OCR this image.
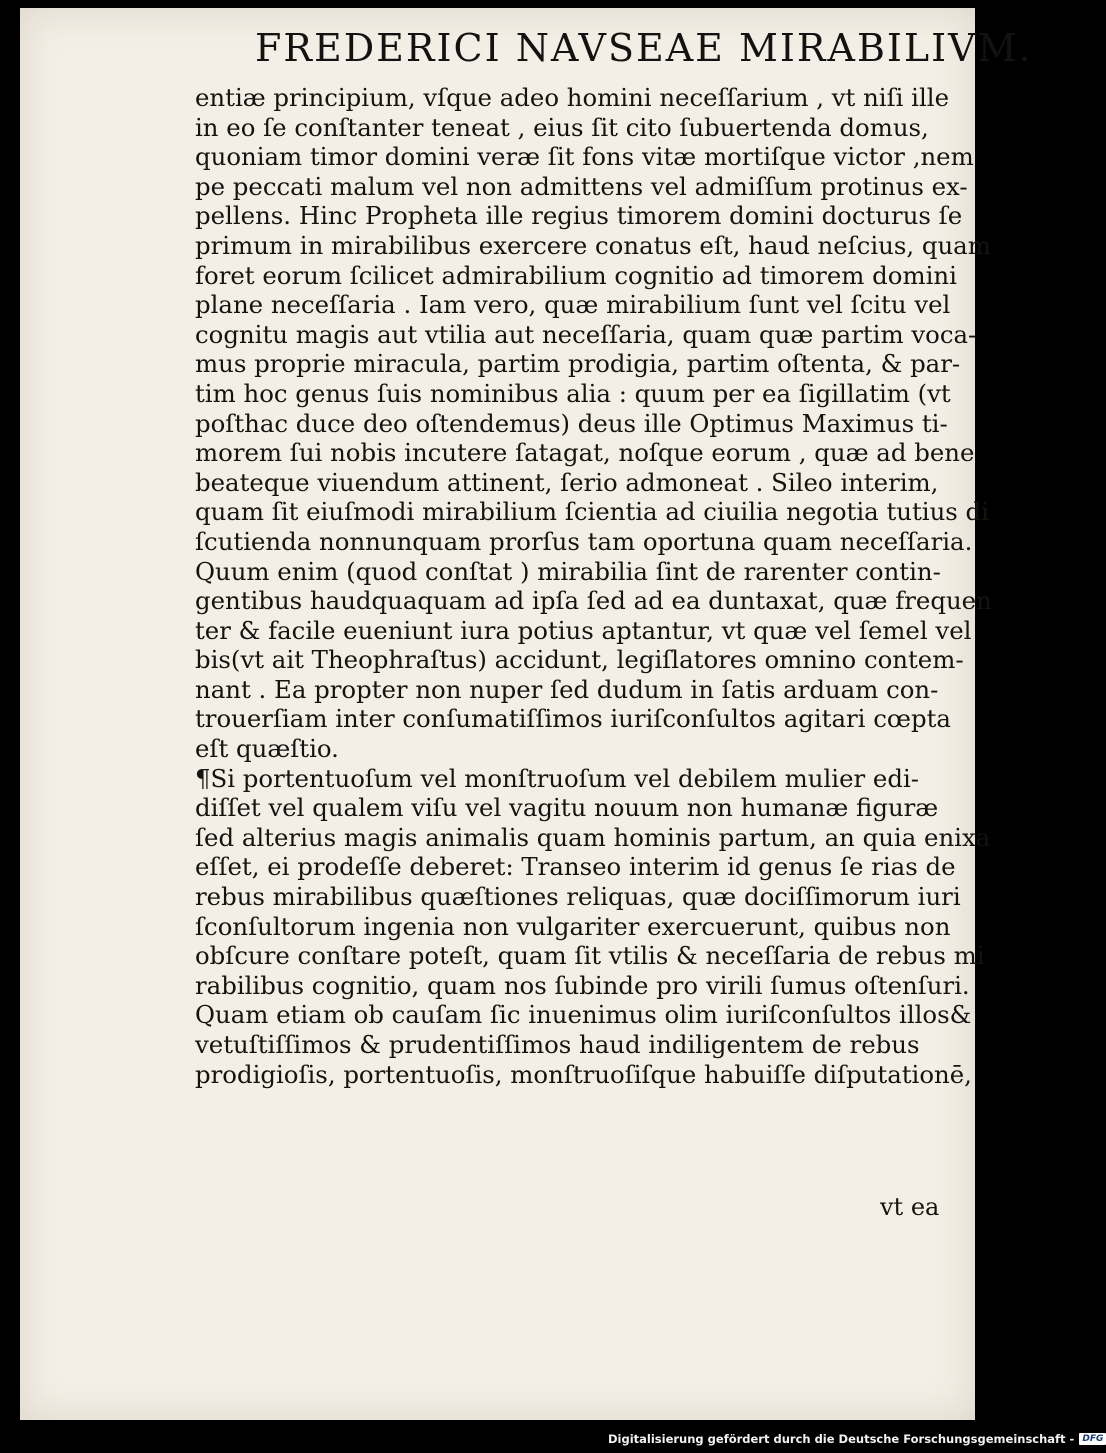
FREDERICI NAVSEAE MIRABILIVM.
entiæ principium, vſque adeo homini neceſſarium , vt niſi ille
in eo ſe conſtanter teneat , eius ſit cito ſubuertenda domus,
quoniam timor domini veræ ſit fons vitæ mortiſque victor ,nem
pe peccati malum vel non admittens vel admiſſum protinus ex-
pellens. Hinc Propheta ille regius timorem domini docturus ſe
primum in mirabilibus exercere conatus eſt, haud neſcius, quam
foret eorum ſcilicet admirabilium cognitio ad timorem domini
plane neceſſaria . Iam vero, quæ mirabilium ſunt vel ſcitu vel
cognitu magis aut vtilia aut neceſſaria, quam quæ partim voca-
mus proprie miracula, partim prodigia, partim oſtenta, & par-
tim hoc genus ſuis nominibus alia : quum per ea ſigillatim (vt
poſthac duce deo oſtendemus) deus ille Optimus Maximus ti-
morem ſui nobis incutere ſatagat, noſque eorum , quæ ad bene
beateque viuendum attinent, ſerio admoneat . Sileo interim,
quam ſit eiuſmodi mirabilium ſcientia ad ciuilia negotia tutius di
ſcutienda nonnunquam prorſus tam oportuna quam neceſſaria.
Quum enim (quod conſtat ) mirabilia ſint de rarenter contin-
gentibus haudquaquam ad ipſa ſed ad ea duntaxat, quæ frequen
ter & facile eueniunt iura potius aptantur, vt quæ vel ſemel vel
bis(vt ait Theophraſtus) accidunt, legiſlatores omnino contem-
nant . Ea propter non nuper ſed dudum in ſatis arduam con-
trouerſiam inter conſumatiſſimos iuriſconſultos agitari cœpta
eſt quæſtio.
¶Si portentuoſum vel monſtruoſum vel debilem mulier edi-
diſſet vel qualem viſu vel vagitu nouum non humanæ figuræ
ſed alterius magis animalis quam hominis partum, an quia enixa
eſſet, ei prodeſſe deberet: Transeo interim id genus ſe rias de
rebus mirabilibus quæſtiones reliquas, quæ dociſſimorum iuri
ſconſultorum ingenia non vulgariter exercuerunt, quibus non
obſcure conſtare poteſt, quam ſit vtilis & neceſſaria de rebus mi
rabilibus cognitio, quam nos ſubinde pro virili ſumus oſtenſuri.
Quam etiam ob cauſam ſic inuenimus olim iuriſconſultos illos&
vetuſtiſſimos & prudentiſſimos haud indiligentem de rebus
prodigioſis, portentuoſis, monſtruoſiſque habuiſſe diſputationē,
vt ea
Digitalisierung gefördert durch die Deutsche Forschungsgemeinschaft - DFG
